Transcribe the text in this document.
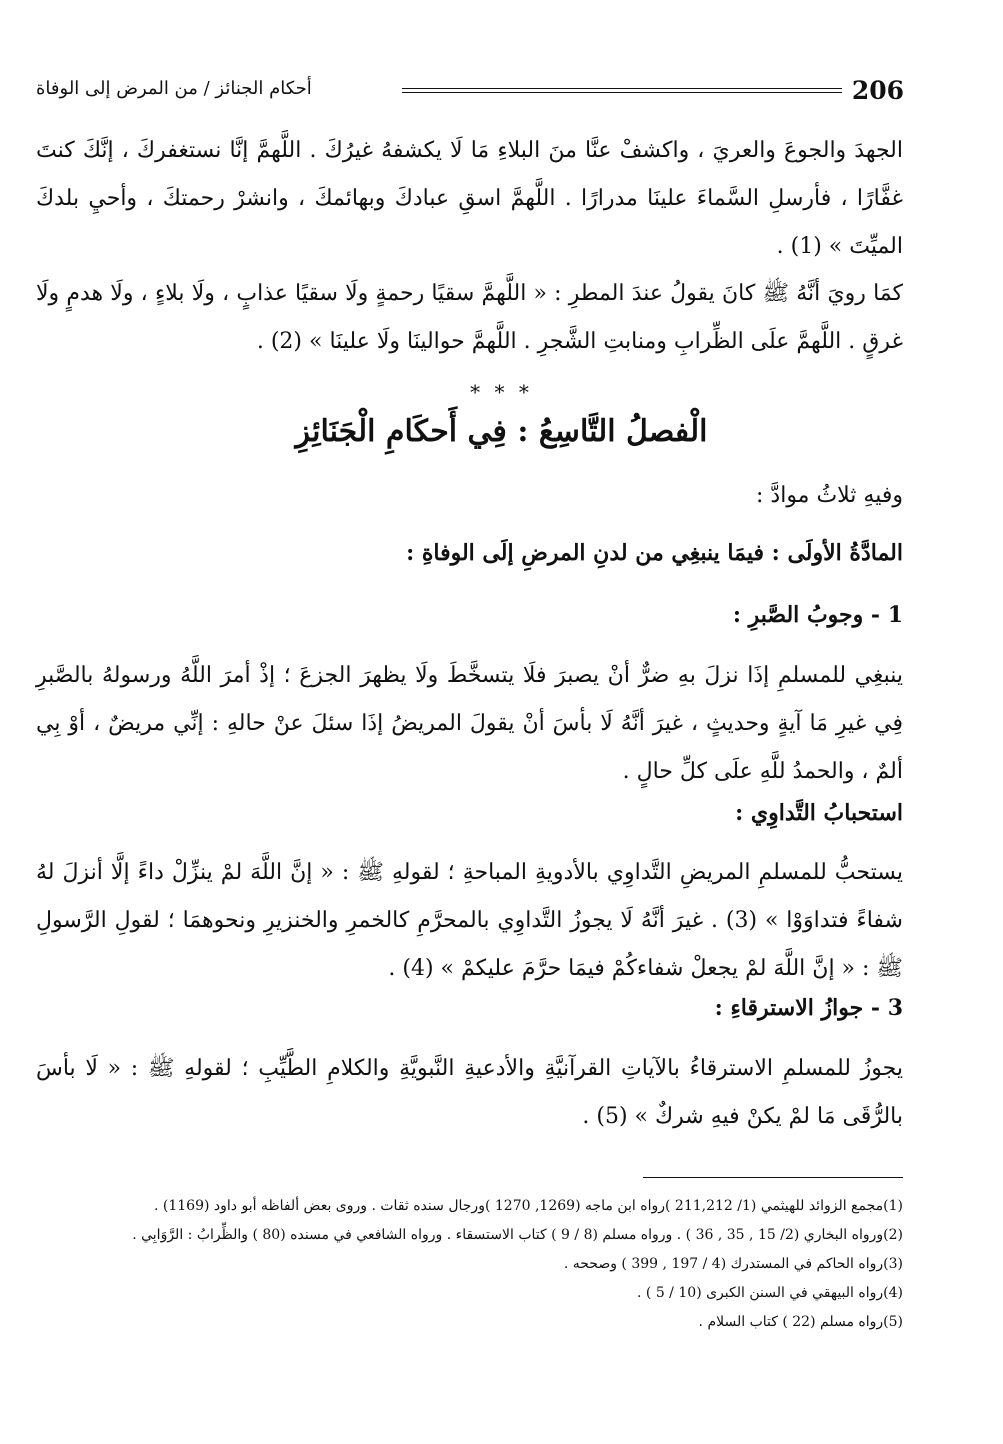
206
أحكام الجنائز / من المرض إلى الوفاة
الجهدَ والجوعَ والعريَ ، واكشفْ عنَّا منَ البلاءِ مَا لَا يكشفهُ غيرُكَ . اللَّهمَّ إنَّا نستغفركَ ، إنَّكَ كنتَ غفَّارًا ، فأرسلِ السَّماءَ علينَا مدرارًا . اللَّهمَّ اسقِ عبادكَ وبهائمكَ ، وانشرْ رحمتكَ ، وأحيِ بلدكَ الميِّتَ » (1) .
كمَا رويَ أنَّهُ ﷺ كانَ يقولُ عندَ المطرِ : « اللَّهمَّ سقيًا رحمةٍ ولَا سقيًا عذابٍ ، ولَا بلاءٍ ، ولَا هدمٍ ولَا غرقٍ . اللَّهمَّ علَى الظِّرابِ ومنابتِ الشَّجرِ . اللَّهمَّ حوالينَا ولَا علينَا » (2) .
* * *
الْفصلُ التَّاسِعُ : فِي أَحكَامِ الْجَنَائِزِ
وفيهِ ثلاثُ موادَّ :
المادَّةُ الأولَى : فيمَا ينبغِي من لدنِ المرضِ إلَى الوفاةِ :
1 - وجوبُ الصَّبرِ :
ينبغِي للمسلمِ إذَا نزلَ بهِ ضرٌّ أنْ يصبرَ فلَا يتسخَّطَ ولَا يظهرَ الجزعَ ؛ إذْ أمرَ اللَّهُ ورسولهُ بالصَّبرِ فِي غيرِ مَا آيةٍ وحديثٍ ، غيرَ أنَّهُ لَا بأسَ أنْ يقولَ المريضُ إذَا سئلَ عنْ حالهِ : إنِّي مريضٌ ، أوْ بِي ألمٌ ، والحمدُ للَّهِ علَى كلِّ حالٍ .
استحبابُ التَّداوِي :
يستحبُّ للمسلمِ المريضِ التَّداوِي بالأدويةِ المباحةِ ؛ لقولهِ ﷺ : « إنَّ اللَّهَ لمْ ينزِّلْ داءً إلَّا أنزلَ لهُ شفاءً فتداوَوْا » (3) . غيرَ أنَّهُ لَا يجوزُ التَّداوِي بالمحرَّمِ كالخمرِ والخنزيرِ ونحوهمَا ؛ لقولِ الرَّسولِ ﷺ : « إنَّ اللَّهَ لمْ يجعلْ شفاءكُمْ فيمَا حرَّمَ عليكمْ » (4) .
3 - جوازُ الاسترقاءِ :
يجوزُ للمسلمِ الاسترقاءُ بالآياتِ القرآنيَّةِ والأدعيةِ النَّبويَّةِ والكلامِ الطَّيِّبِ ؛ لقولهِ ﷺ : « لَا بأسَ بالرُّقَى مَا لمْ يكنْ فيهِ شركٌ » (5) .
(1)مجمع الزوائد للهيثمي (1/ 211,212 )رواه ابن ماجه (1269, 1270 )ورجال سنده ثقات . وروى بعض ألفاظه أبو داود (1169) .
(2)ورواه البخاري (2/ 15 , 35 , 36 ) . ورواه مسلم (8 / 9 ) كتاب الاستسقاء . ورواه الشافعي في مسنده (80 ) والظِّرابُ : الرَّوَابِي .
(3)رواه الحاكم في المستدرك (4 / 197 , 399 ) وصححه .
(4)رواه البيهقي في السنن الكبرى (10 / 5 ) .
(5)رواه مسلم (22 ) كتاب السلام .
